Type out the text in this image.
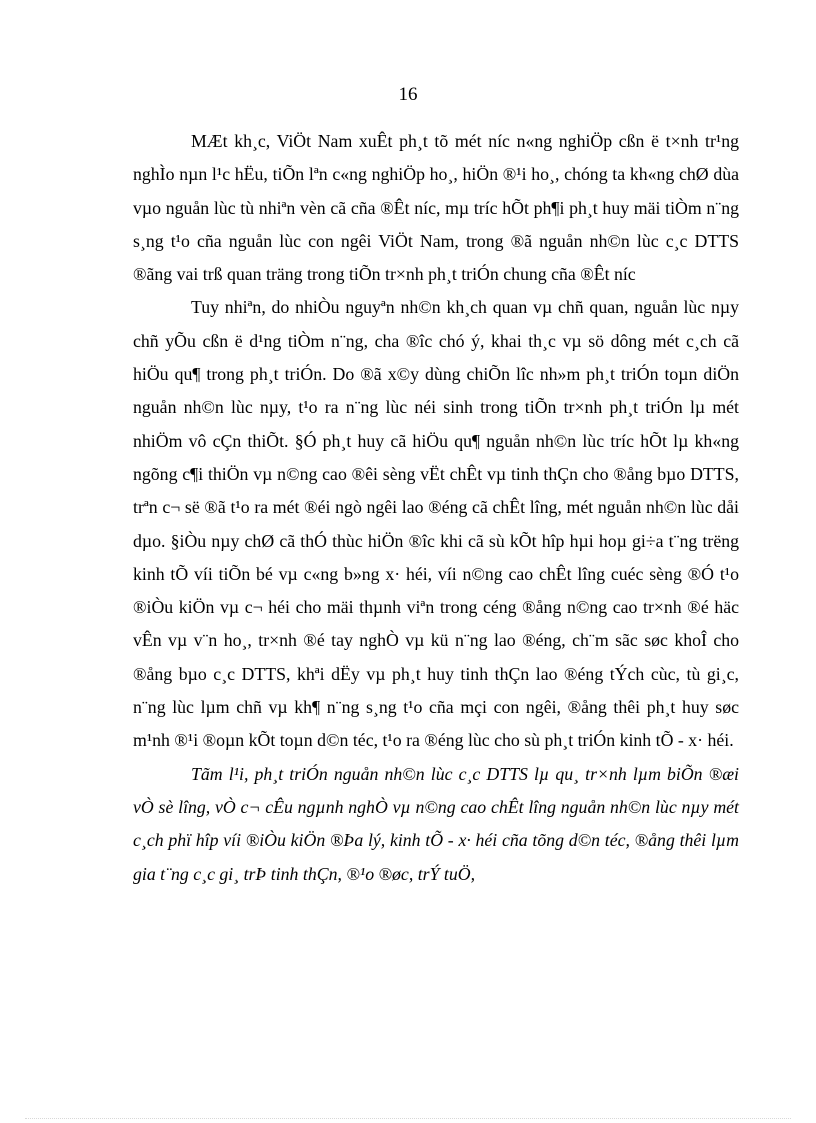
16

MÆt kh¸c, ViÖt Nam xuÊt ph¸t tõ mét níc n«ng nghiÖp cßn ë t×nh tr¹ng nghÌo nµn l¹c hËu, tiÕn lªn c«ng nghiÖp ho¸, hiÖn ®¹i ho¸, chóng ta kh«ng chØ dùa vµo nguån lùc tù nhiªn vèn cã cña ®Êt níc, mµ tríc hÕt ph¶i ph¸t huy mäi tiÒm n¨ng s¸ng t¹o cña nguån lùc con ngêi ViÖt Nam, trong ®ã nguån nh©n lùc c¸c DTTS ®ãng vai trß quan träng trong tiÕn tr×nh ph¸t triÓn chung cña ®Êt níc

Tuy nhiªn, do nhiÒu nguyªn nh©n kh¸ch quan vµ chñ quan, nguån lùc nµy chñ yÕu cßn ë d¹ng tiÒm n¨ng, cha ®îc chó ý, khai th¸c vµ sö dông mét c¸ch cã hiÖu qu¶ trong ph¸t triÓn. Do ®ã x©y dùng chiÕn lîc nh»m ph¸t triÓn toµn diÖn nguån nh©n lùc nµy, t¹o ra n¨ng lùc néi sinh trong tiÕn tr×nh ph¸t triÓn lµ mét nhiÖm vô cÇn thiÕt. §Ó ph¸t huy cã hiÖu qu¶ nguån nh©n lùc tríc hÕt lµ kh«ng ngõng c¶i thiÖn vµ n©ng cao ®êi sèng vËt chÊt vµ tinh thÇn cho ®ång bµo DTTS, trªn c¬ së ®ã t¹o ra mét ®éi ngò ngêi lao ®éng cã chÊt lîng, mét nguån nh©n lùc dåi dµo. §iÒu nµy chØ cã thÓ thùc hiÖn ®îc khi cã sù kÕt hîp hµi hoµ gi÷a t¨ng trëng kinh tÕ víi tiÕn bé vµ c«ng b»ng x· héi, víi n©ng cao chÊt lîng cuéc sèng ®Ó t¹o ®iÒu kiÖn vµ c¬ héi cho mäi thµnh viªn trong céng ®ång n©ng cao tr×nh ®é häc vÊn vµ v¨n ho¸, tr×nh ®é tay nghÒ vµ kü n¨ng lao ®éng, ch¨m sãc søc khoÎ cho ®ång bµo c¸c DTTS, khªi dËy vµ ph¸t huy tinh thÇn lao ®éng tÝch cùc, tù gi¸c, n¨ng lùc lµm chñ vµ kh¶ n¨ng s¸ng t¹o cña mçi con ngêi, ®ång thêi ph¸t huy søc m¹nh ®¹i ®oµn kÕt toµn d©n téc, t¹o ra ®éng lùc cho sù ph¸t triÓn kinh tÕ - x· héi.

Tãm l¹i, ph¸t triÓn nguån nh©n lùc c¸c DTTS lµ qu¸ tr×nh lµm biÕn ®æi vÒ sè lîng, vÒ c¬ cÊu ngµnh nghÒ vµ n©ng cao chÊt lîng nguån nh©n lùc nµy mét c¸ch phï hîp víi ®iÒu kiÖn ®Þa lý, kinh tÕ - x· héi cña tõng d©n téc, ®ång thêi lµm gia t¨ng c¸c gi¸ trÞ tinh thÇn, ®¹o ®øc, trÝ tuÖ,
